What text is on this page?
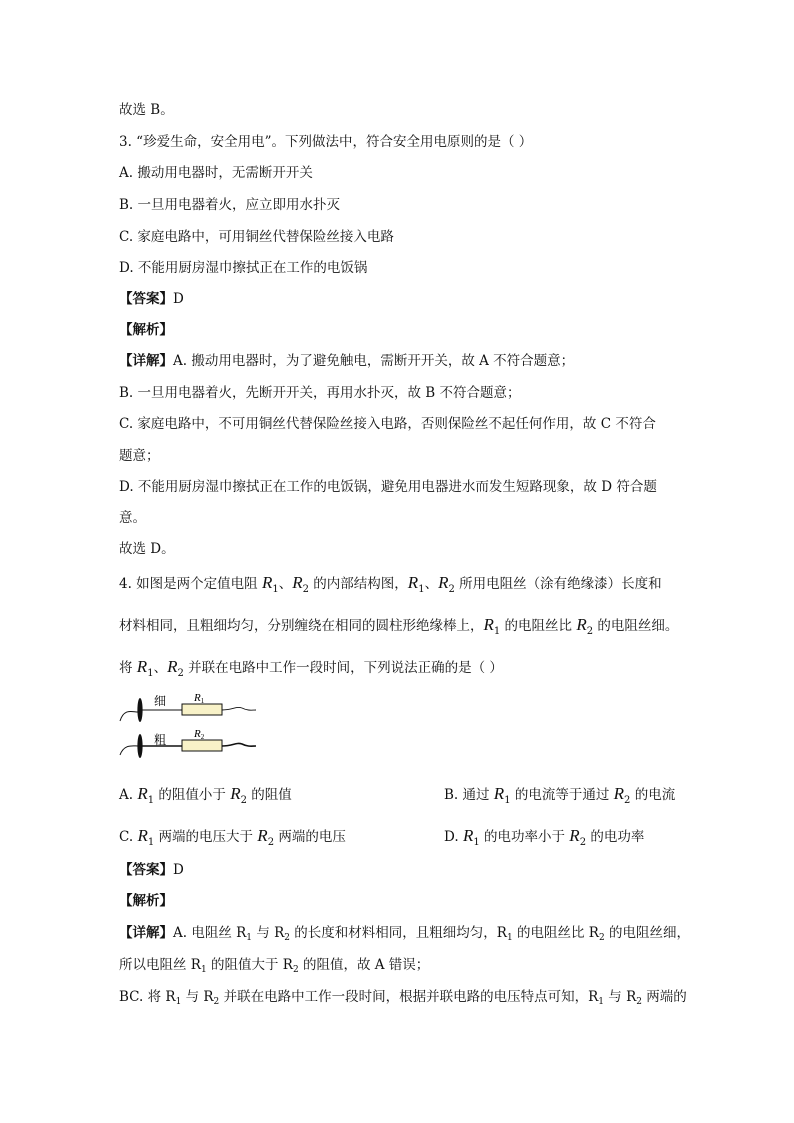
故选 B。
3. “珍爱生命，安全用电”。下列做法中，符合安全用电原则的是（ ）
A. 搬动用电器时，无需断开开关
B. 一旦用电器着火，应立即用水扑灭
C. 家庭电路中，可用铜丝代替保险丝接入电路
D. 不能用厨房湿巾擦拭正在工作的电饭锅
【答案】D
【解析】
【详解】A. 搬动用电器时，为了避免触电，需断开开关，故 A 不符合题意；
B. 一旦用电器着火，先断开开关，再用水扑灭，故 B 不符合题意；
C. 家庭电路中，不可用铜丝代替保险丝接入电路，否则保险丝不起任何作用，故 C 不符合
题意；
D. 不能用厨房湿巾擦拭正在工作的电饭锅，避免用电器进水而发生短路现象，故 D 符合题
意。
故选 D。
4. 如图是两个定值电阻 $R_1$、$R_2$ 的内部结构图，$R_1$、$R_2$ 所用电阻丝（涂有绝缘漆）长度和
材料相同，且粗细均匀，分别缠绕在相同的圆柱形绝缘棒上，$R_1$ 的电阻丝比 $R_2$ 的电阻丝细。
将 $R_1$、$R_2$ 并联在电路中工作一段时间，下列说法正确的是（ ）
细	R1
粗	R2
A. $R_1$ 的阻值小于 $R_2$ 的阻值	B. 通过 $R_1$ 的电流等于通过 $R_2$ 的电流
C. $R_1$ 两端的电压大于 $R_2$ 两端的电压	D. $R_1$ 的电功率小于 $R_2$ 的电功率
【答案】D
【解析】
【详解】A. 电阻丝 $R_1$ 与 $R_2$ 的长度和材料相同，且粗细均匀，$R_1$ 的电阻丝比 $R_2$ 的电阻丝细，
所以电阻丝 $R_1$ 的阻值大于 $R_2$ 的阻值，故 A 错误；
BC. 将 $R_1$ 与 $R_2$ 并联在电路中工作一段时间，根据并联电路的电压特点可知，$R_1$ 与 $R_2$ 两端的
